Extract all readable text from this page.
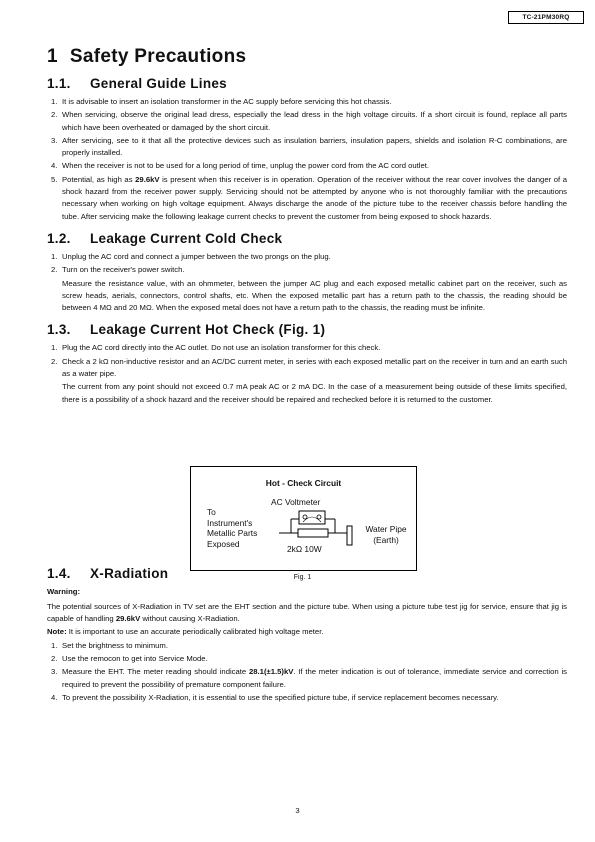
TC-21PM30RQ
1 Safety Precautions
1.1. General Guide Lines
1. It is advisable to insert an isolation transformer in the AC supply before servicing this hot chassis.
2. When servicing, observe the original lead dress, especially the lead dress in the high voltage circuits. If a short circuit is found, replace all parts which have been overheated or damaged by the short circuit.
3. After servicing, see to it that all the protective devices such as insulation barriers, insulation papers, shields and isolation R-C combinations, are properly installed.
4. When the receiver is not to be used for a long period of time, unplug the power cord from the AC cord outlet.
5. Potential, as high as 29.6kV is present when this receiver is in operation. Operation of the receiver without the rear cover involves the danger of a shock hazard from the receiver power supply. Servicing should not be attempted by anyone who is not thoroughly familiar with the precautions necessary when working on high voltage equipment. Always discharge the anode of the picture tube to the receiver chassis before handling the tube. After servicing make the following leakage current checks to prevent the customer from being exposed to shock hazards.
1.2. Leakage Current Cold Check
1. Unplug the AC cord and connect a jumper between the two prongs on the plug.
2. Turn on the receiver's power switch.

Measure the resistance value, with an ohmmeter, between the jumper AC plug and each exposed metallic cabinet part on the receiver, such as screw heads, aerials, connectors, control shafts, etc. When the exposed metallic part has a return path to the chassis, the reading should be between 4 MΩ and 20 MΩ. When the exposed metal does not have a return path to the chassis, the reading must be infinite.

1.3. Leakage Current Hot Check (Fig. 1)
1. Plug the AC cord directly into the AC outlet. Do not use an isolation transformer for this check.
2. Check a 2 kΩ non-inductive resistor and an AC/DC current meter, in series with each exposed metallic part on the receiver in turn and an earth such as a water pipe.

The current from any point should not exceed 0.7 mA peak AC or 2 mA DC. In the case of a measurement being outside of these limits specified, there is a possibility of a shock hazard and the receiver should be repaired and rechecked before it is returned to the customer.

1.4. X-Radiation
Warning:

The potential sources of X-Radiation in TV set are the EHT section and the picture tube. When using a picture tube test jig for service, ensure that jig is capable of handling 29.6kV without causing X-Radiation.

Note: It is important to use an accurate periodically calibrated high voltage meter.

1. Set the brightness to minimum.
2. Use the remocon to get into Service Mode.
3. Measure the EHT. The meter reading should indicate 28.1(±1.5)kV. If the meter indication is out of tolerance, immediate service and correction is required to prevent the possibility of premature component failure.
4. To prevent the possibility X-Radiation, it is essential to use the specified picture tube, if service replacement becomes necessary.
Hot - Check Circuit
AC Voltmeter
To
Instrument's
Metallic Parts
Exposed
2kΩ 10W
Water Pipe
(Earth)
Fig. 1
3
